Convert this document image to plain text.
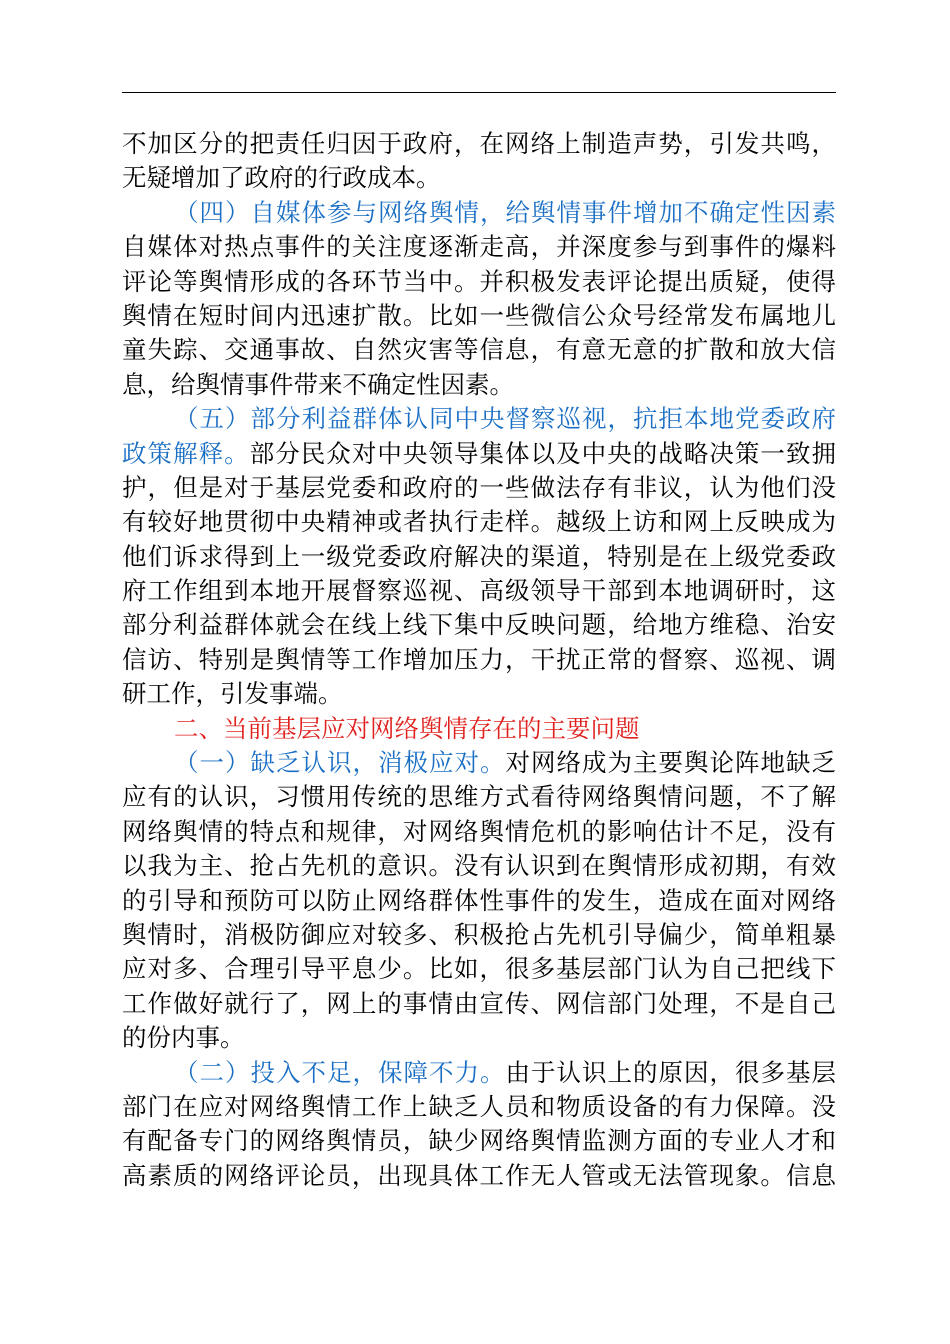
不加区分的把责任归因于政府，在网络上制造声势，引发共鸣，
无疑增加了政府的行政成本。
（四）自媒体参与网络舆情，给舆情事件增加不确定性因素
自媒体对热点事件的关注度逐渐走高，并深度参与到事件的爆料
评论等舆情形成的各环节当中。并积极发表评论提出质疑，使得
舆情在短时间内迅速扩散。比如一些微信公众号经常发布属地儿
童失踪、交通事故、自然灾害等信息，有意无意的扩散和放大信
息，给舆情事件带来不确定性因素。
（五）部分利益群体认同中央督察巡视，抗拒本地党委政府
政策解释。部分民众对中央领导集体以及中央的战略决策一致拥
护，但是对于基层党委和政府的一些做法存有非议，认为他们没
有较好地贯彻中央精神或者执行走样。越级上访和网上反映成为
他们诉求得到上一级党委政府解决的渠道，特别是在上级党委政
府工作组到本地开展督察巡视、高级领导干部到本地调研时，这
部分利益群体就会在线上线下集中反映问题，给地方维稳、治安
信访、特别是舆情等工作增加压力，干扰正常的督察、巡视、调
研工作，引发事端。
二、当前基层应对网络舆情存在的主要问题
（一）缺乏认识，消极应对。对网络成为主要舆论阵地缺乏
应有的认识，习惯用传统的思维方式看待网络舆情问题，不了解
网络舆情的特点和规律，对网络舆情危机的影响估计不足，没有
以我为主、抢占先机的意识。没有认识到在舆情形成初期，有效
的引导和预防可以防止网络群体性事件的发生，造成在面对网络
舆情时，消极防御应对较多、积极抢占先机引导偏少，简单粗暴
应对多、合理引导平息少。比如，很多基层部门认为自己把线下
工作做好就行了，网上的事情由宣传、网信部门处理，不是自己
的份内事。
（二）投入不足，保障不力。由于认识上的原因，很多基层
部门在应对网络舆情工作上缺乏人员和物质设备的有力保障。没
有配备专门的网络舆情员，缺少网络舆情监测方面的专业人才和
高素质的网络评论员，出现具体工作无人管或无法管现象。信息
